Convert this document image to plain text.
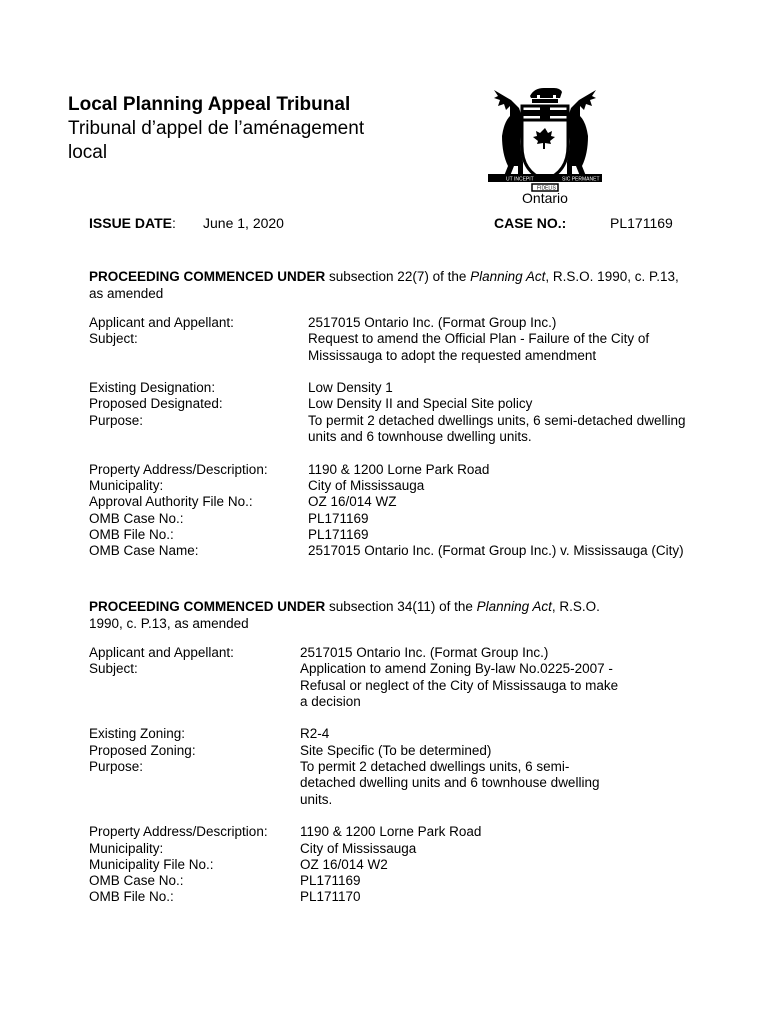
Local Planning Appeal Tribunal

Tribunal d’appel de l’aménagement local

UT INCEPIT	SIC PERMANET
FIDELIS
Ontario
ISSUE DATE: June 1, 2020	CASE NO.:	PL171169
PROCEEDING COMMENCED UNDER subsection 22(7) of the Planning Act, R.S.O. 1990, c. P.13,
as amended
Applicant and Appellant:	2517015 Ontario Inc. (Format Group Inc.)
Subject:	Request to amend the Official Plan - Failure of the City of
Mississauga to adopt the requested amendment
Existing Designation:	Low Density 1
Proposed Designated:	Low Density II and Special Site policy
Purpose:	To permit 2 detached dwellings units, 6 semi-detached dwelling
units and 6 townhouse dwelling units.
Property Address/Description:	1190 & 1200 Lorne Park Road
Municipality:	City of Mississauga
Approval Authority File No.:	OZ 16/014 WZ
OMB Case No.:	PL171169
OMB File No.:	PL171169
OMB Case Name:	2517015 Ontario Inc. (Format Group Inc.) v. Mississauga (City)
PROCEEDING COMMENCED UNDER subsection 34(11) of the Planning Act, R.S.O.
1990, c. P.13, as amended
Applicant and Appellant:	2517015 Ontario Inc. (Format Group Inc.)
Subject:	Application to amend Zoning By-law No.0225-2007 -
Refusal or neglect of the City of Mississauga to make
a decision
Existing Zoning:	R2-4
Proposed Zoning:	Site Specific (To be determined)
Purpose:	To permit 2 detached dwellings units, 6 semi-
detached dwelling units and 6 townhouse dwelling
units.
Property Address/Description:	1190 & 1200 Lorne Park Road
Municipality:	City of Mississauga
Municipality File No.:	OZ 16/014 W2
OMB Case No.:	PL171169
OMB File No.:	PL171170
